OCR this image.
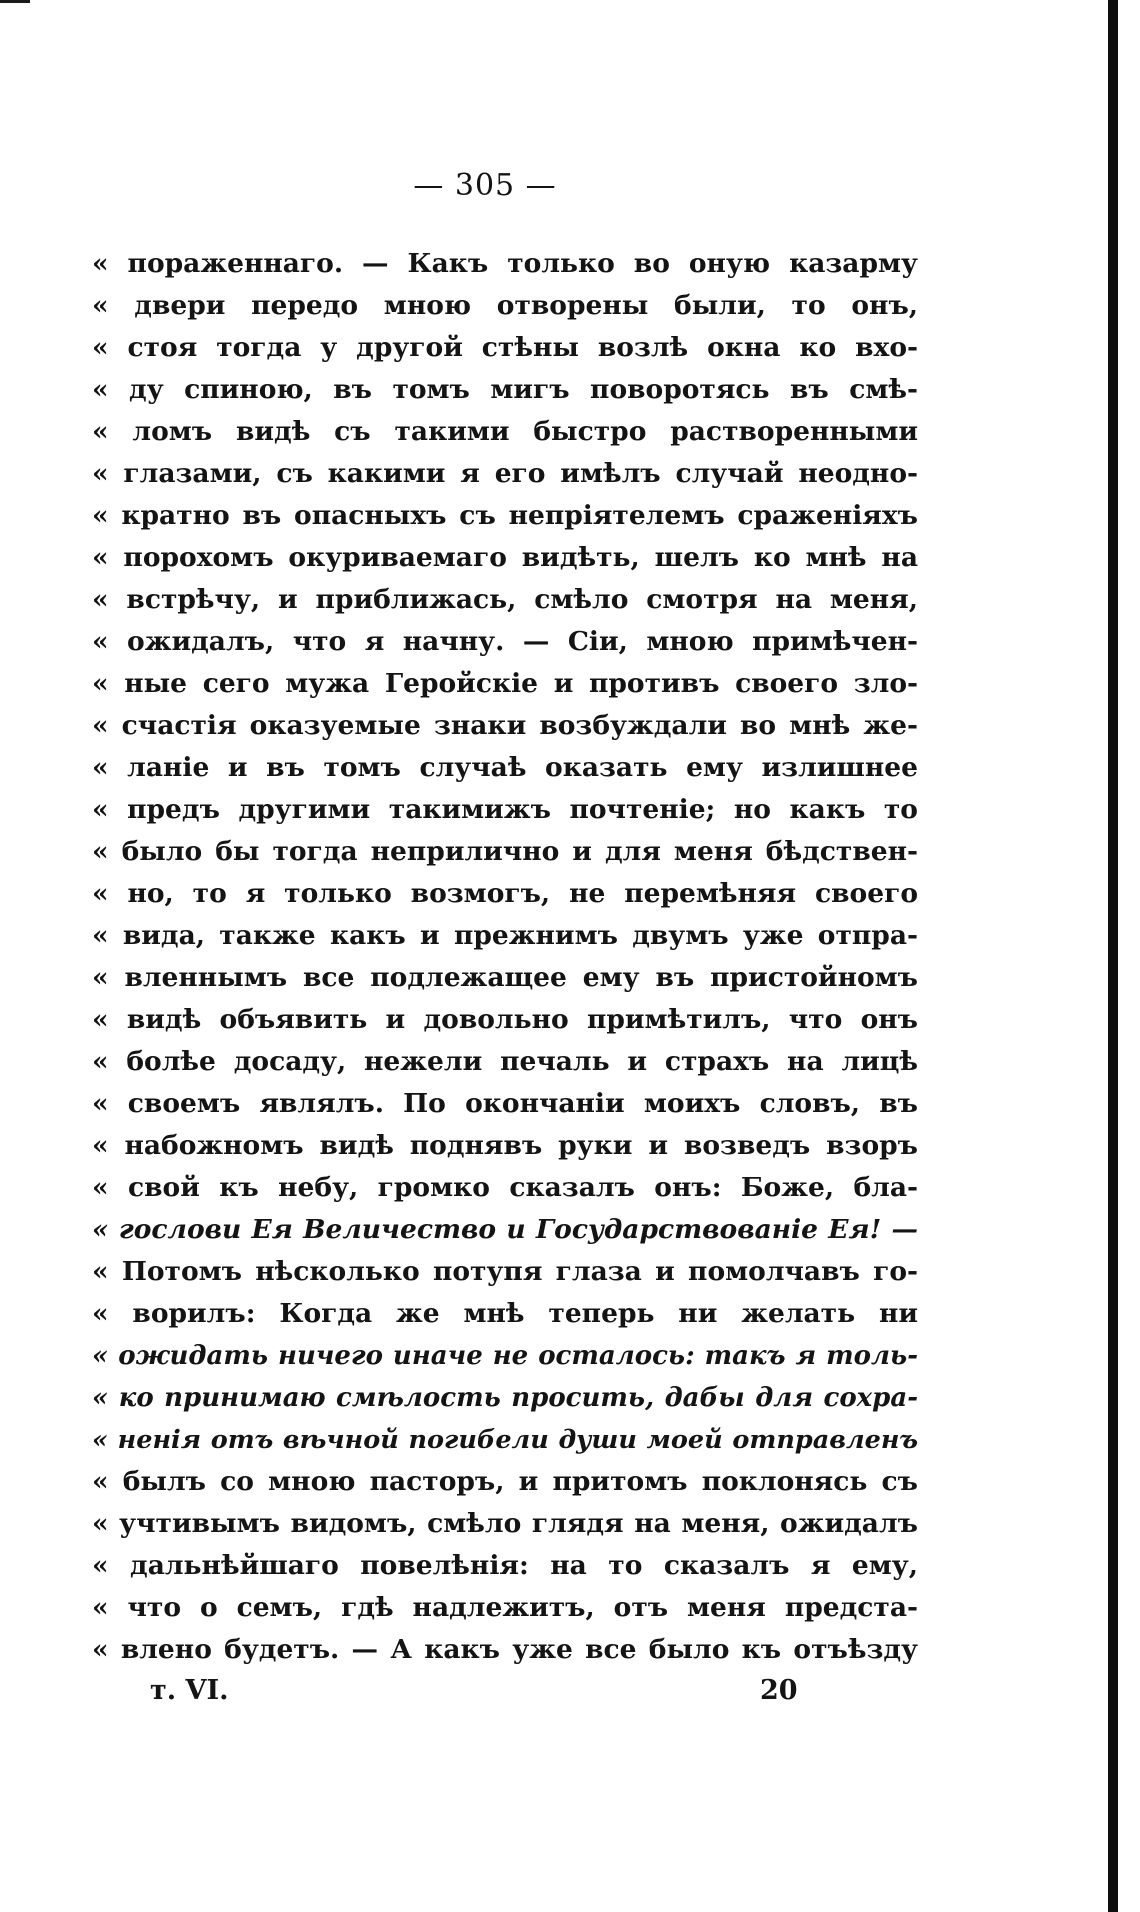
— 305 —
« пораженнаго. — Какъ только во оную казарму
« двери передо мною отворены были, то онъ,
« стоя тогда у другой стѣны возлѣ окна ко вхо-
« ду спиною, въ томъ мигъ поворотясь въ смѣ-
« ломъ видѣ съ такими быстро растворенными
« глазами, съ какими я его имѣлъ случай неодно-
« кратно въ опасныхъ съ непріятелемъ сраженіяхъ
« порохомъ окуриваемаго видѣть, шелъ ко мнѣ на
« встрѣчу, и приближась, смѣло смотря на меня,
« ожидалъ, что я начну. — Сіи, мною примѣчен-
« ные сего мужа Геройскіе и противъ своего зло-
« счастія оказуемые знаки возбуждали во мнѣ же-
« ланіе и въ томъ случаѣ оказать ему излишнее
« предъ другими такимижъ почтеніе; но какъ то
« было бы тогда неприлично и для меня бѣдствен-
« но, то я только возмогъ, не перемѣняя своего
« вида, также какъ и прежнимъ двумъ уже отпра-
« вленнымъ все подлежащее ему въ пристойномъ
« видѣ объявить и довольно примѣтилъ, что онъ
« болѣе досаду, нежели печаль и страхъ на лицѣ
« своемъ являлъ. По окончаніи моихъ словъ, въ
« набожномъ видѣ поднявъ руки и возведъ взоръ
« свой къ небу, громко сказалъ онъ: Боже, бла-
« гослови Ея Величество и Государствованіе Ея! —
« Потомъ нѣсколько потупя глаза и помолчавъ го-
« ворилъ: Когда же мнѣ теперь ни желать ни
« ожидать ничего иначе не осталось: такъ я толь-
« ко принимаю смѣлость просить, дабы для сохра-
« ненія отъ вѣчной погибели души моей отправленъ
« былъ со мною пасторъ, и притомъ поклонясь съ
« учтивымъ видомъ, смѣло глядя на меня, ожидалъ
« дальнѣйшаго повелѣнія: на то сказалъ я ему,
« что о семъ, гдѣ надлежитъ, отъ меня предста-
« влено будетъ. — А какъ уже все было къ отъѣзду
т. VI.	20
